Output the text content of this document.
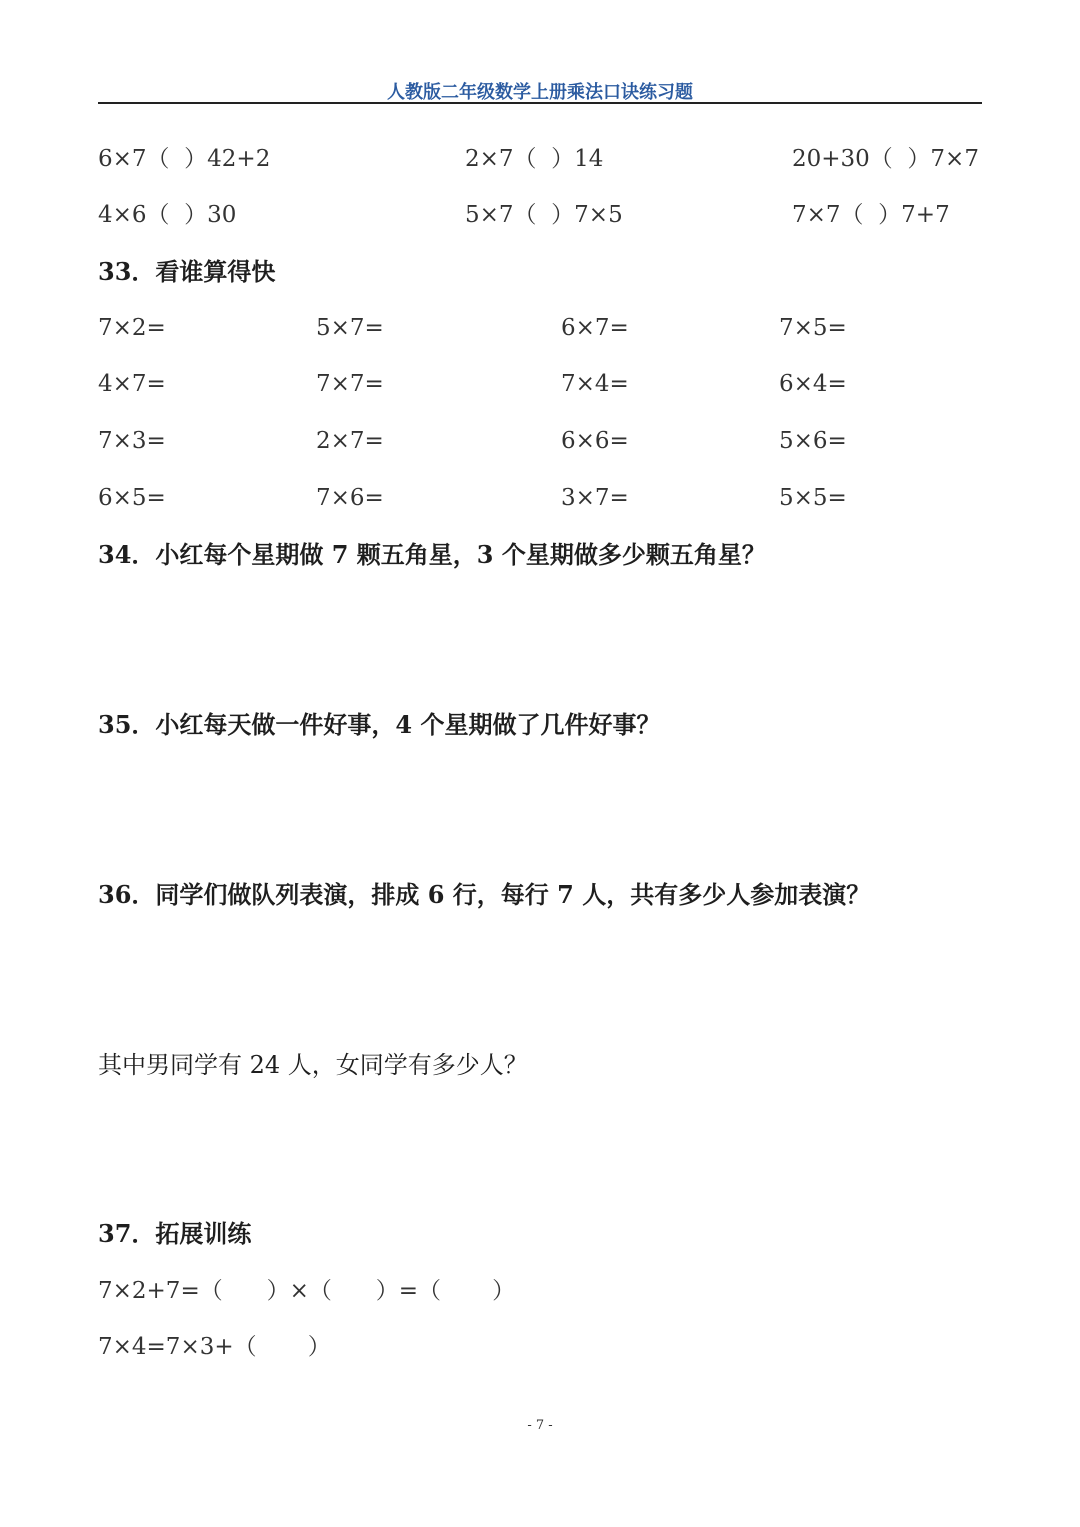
人教版二年级数学上册乘法口诀练习题
6×7（  ）42+2	2×7（  ）14	20+30（  ）7×7
4×6（  ）30	5×7（  ）7×5	7×7（  ）7+7
33．看谁算得快
7×2=	5×7=	6×7=	7×5=
4×7=	7×7=	7×4=	6×4=
7×3=	2×7=	6×6=	5×6=
6×5=	7×6=	3×7=	5×5=
34．小红每个星期做 7 颗五角星，3 个星期做多少颗五角星？
35．小红每天做一件好事，4 个星期做了几件好事？
36．同学们做队列表演，排成 6 行，每行 7 人，共有多少人参加表演？
其中男同学有 24 人，女同学有多少人？
37．拓展训练
7×2+7=（      ）×（      ）=（       ）
7×4=7×3+（       ）
- 7 -
